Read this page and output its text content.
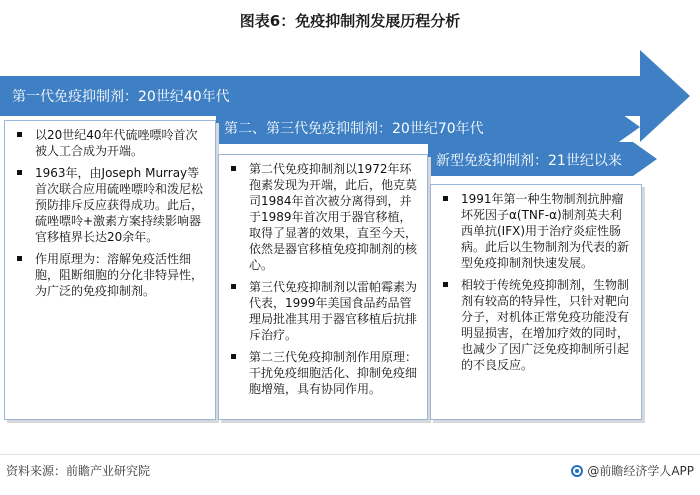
图表6：免疫抑制剂发展历程分析
第一代免疫抑制剂：20世纪40年代
第二、第三代免疫抑制剂：20世纪70年代
新型免疫抑制剂：21世纪以来
以20世纪40年代硫唑嘌呤首次被人工合成为开端。
1963年，由Joseph Murray等首次联合应用硫唑嘌呤和泼尼松预防排斥反应获得成功。此后，硫唑嘌呤+激素方案持续影响器官移植界长达20余年。
作用原理为：溶解免疫活性细胞，阻断细胞的分化非特异性，为广泛的免疫抑制剂。
第二代免疫抑制剂以1972年环孢素发现为开端，此后，他克莫司1984年首次被分离得到，并于1989年首次用于器官移植，取得了显著的效果，直至今天，依然是器官移植免疫抑制剂的核心。
第三代免疫抑制剂以雷帕霉素为代表，1999年美国食品药品管理局批准其用于器官移植后抗排斥治疗。
第二三代免疫抑制剂作用原理：干扰免疫细胞活化、抑制免疫细胞增殖，具有协同作用。
1991年第一种生物制剂抗肿瘤坏死因子α(TNF-α)制剂英夫利西单抗(IFX)用于治疗炎症性肠病。此后以生物制剂为代表的新型免疫抑制剂快速发展。
相较于传统免疫抑制剂，生物制剂有较高的特异性，只针对靶向分子，对机体正常免疫功能没有明显损害，在增加疗效的同时，也减少了因广泛免疫抑制所引起的不良反应。
资料来源：前瞻产业研究院	@前瞻经济学人APP
